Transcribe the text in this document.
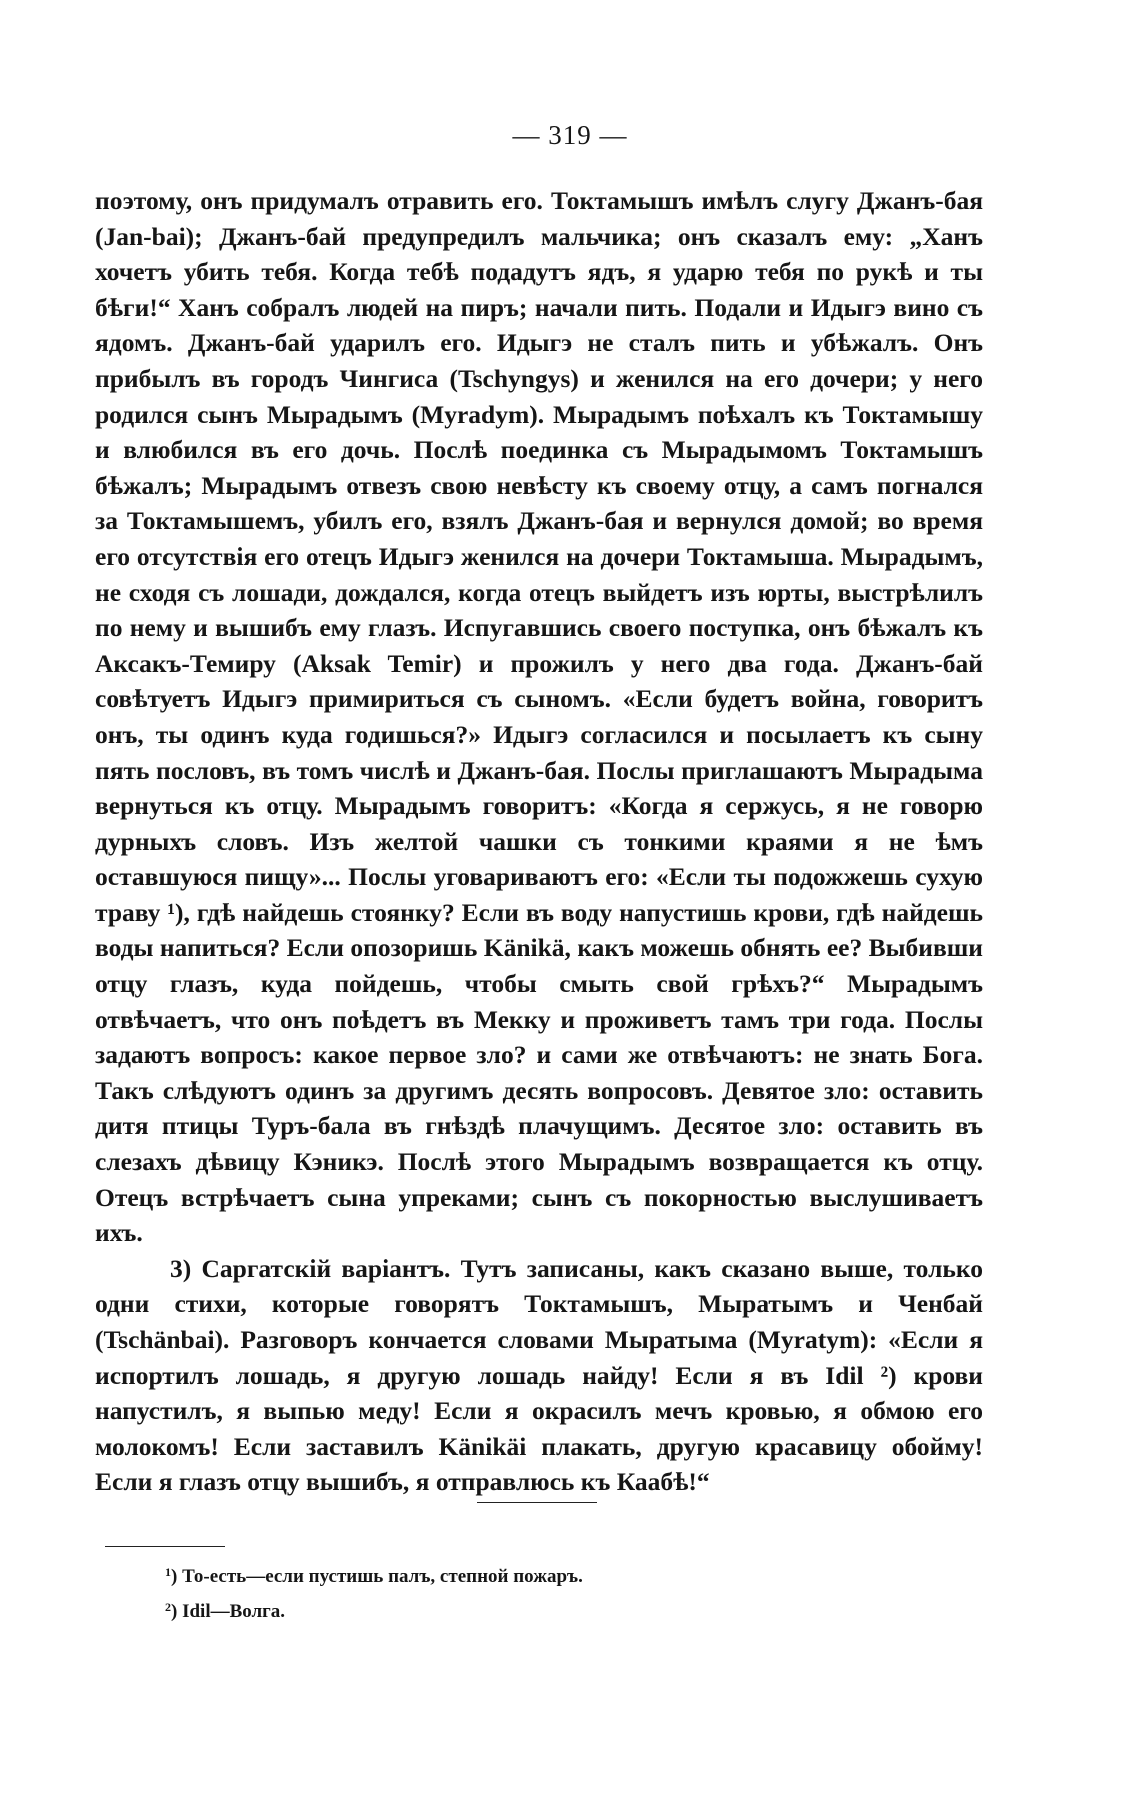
— 319 —

поэтому, онъ придумалъ отравить его. Токтамышъ имѣлъ слугу Джанъ-бая (Jan-bai); Джанъ-бай предупредилъ мальчика; онъ сказалъ ему: „Ханъ хочетъ убить тебя. Когда тебѣ подадутъ ядъ, я ударю тебя по рукѣ и ты бѣги!“ Ханъ собралъ людей на пиръ; начали пить. Подали и Идыгэ вино съ ядомъ. Джанъ-бай ударилъ его. Идыгэ не сталъ пить и убѣжалъ. Онъ прибылъ въ городъ Чингиса (Tschyngys) и женился на его дочери; у него родился сынъ Мырадымъ (Myradym). Мырадымъ поѣхалъ къ Токтамышу и влюбился въ его дочь. Послѣ поединка съ Мырадымомъ Токтамышъ бѣжалъ; Мырадымъ отвезъ свою невѣсту къ своему отцу, а самъ погнался за Токтамышемъ, убилъ его, взялъ Джанъ-бая и вернулся домой; во время его отсутствія его отецъ Идыгэ женился на дочери Токтамыша. Мырадымъ, не сходя съ лошади, дождался, когда отецъ выйдетъ изъ юрты, выстрѣлилъ по нему и вышибъ ему глазъ. Испугавшись своего поступка, онъ бѣжалъ къ Аксакъ-Темиру (Aksak Temir) и прожилъ у него два года. Джанъ-бай совѣтуетъ Идыгэ примириться съ сыномъ. «Если будетъ война, говоритъ онъ, ты одинъ куда годишься?» Идыгэ согласился и посылаетъ къ сыну пять пословъ, въ томъ числѣ и Джанъ-бая. Послы приглашаютъ Мырадыма вернуться къ отцу. Мырадымъ говоритъ: «Когда я сержусь, я не говорю дурныхъ словъ. Изъ желтой чашки съ тонкими краями я не ѣмъ оставшуюся пищу»... Послы уговариваютъ его: «Если ты подожжешь сухую траву ¹), гдѣ найдешь стоянку? Если въ воду напустишь крови, гдѣ найдешь воды напиться? Если опозоришь Känikä, какъ можешь обнять ее? Выбивши отцу глазъ, куда пойдешь, чтобы смыть свой грѣхъ?“ Мырадымъ отвѣчаетъ, что онъ поѣдетъ въ Мекку и проживетъ тамъ три года. Послы задаютъ вопросъ: какое первое зло? и сами же отвѣчаютъ: не знать Бога. Такъ слѣдуютъ одинъ за другимъ десять вопросовъ. Девятое зло: оставить дитя птицы Туръ-бала въ гнѣздѣ плачущимъ. Десятое зло: оставить въ слезахъ дѣвицу Кэникэ. Послѣ этого Мырадымъ возвращается къ отцу. Отецъ встрѣчаетъ сына упреками; сынъ съ покорностью выслушиваетъ ихъ.

3) Саргатскій варіантъ. Тутъ записаны, какъ сказано выше, только одни стихи, которые говорятъ Токтамышъ, Мыратымъ и Ченбай (Tschänbai). Разговоръ кончается словами Мыратыма (Myratym): «Если я испортилъ лошадь, я другую лошадь найду! Если я въ Idil ²) крови напустилъ, я выпью меду! Если я окрасилъ мечъ кровью, я обмою его молокомъ! Если заставилъ Känikäi плакать, другую красавицу обойму! Если я глазъ отцу вышибъ, я отправлюсь къ Каабѣ!“

$^1$) То-есть—если пустишь палъ, степной пожаръ.
$^2$) Idil—Волга.
